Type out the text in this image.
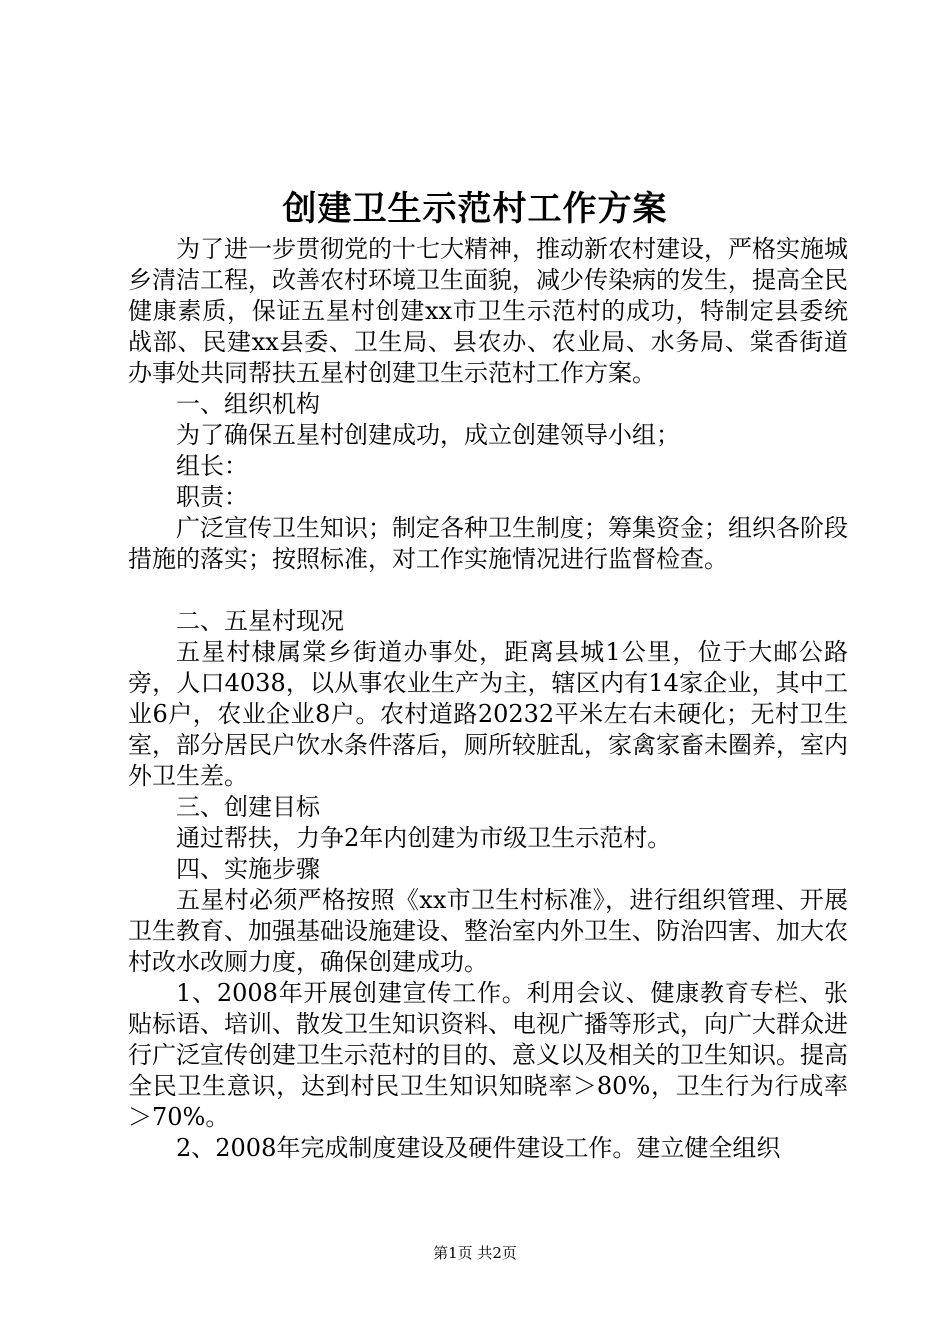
创建卫生示范村工作方案

为了进一步贯彻党的十七大精神，推动新农村建设，严格实施城乡清洁工程，改善农村环境卫生面貌，减少传染病的发生，提高全民健康素质，保证五星村创建xx市卫生示范村的成功，特制定县委统战部、民建xx县委、卫生局、县农办、农业局、水务局、棠香街道办事处共同帮扶五星村创建卫生示范村工作方案。

一、组织机构

为了确保五星村创建成功，成立创建领导小组；

组长：

职责：

广泛宣传卫生知识；制定各种卫生制度；筹集资金；组织各阶段措施的落实；按照标准，对工作实施情况进行监督检查。

二、五星村现况

五星村棣属棠乡街道办事处，距离县城1公里，位于大邮公路旁，人口4038，以从事农业生产为主，辖区内有14家企业，其中工业6户，农业企业8户。农村道路20232平米左右未硬化；无村卫生室，部分居民户饮水条件落后，厕所较脏乱，家禽家畜未圈养，室内外卫生差。

三、创建目标

通过帮扶，力争2年内创建为市级卫生示范村。

四、实施步骤

五星村必须严格按照《xx市卫生村标准》，进行组织管理、开展卫生教育、加强基础设施建设、整治室内外卫生、防治四害、加大农村改水改厕力度，确保创建成功。

1、2008年开展创建宣传工作。利用会议、健康教育专栏、张贴标语、培训、散发卫生知识资料、电视广播等形式，向广大群众进行广泛宣传创建卫生示范村的目的、意义以及相关的卫生知识。提高全民卫生意识，达到村民卫生知识知晓率＞80%，卫生行为行成率＞70%。

2、2008年完成制度建设及硬件建设工作。建立健全组织

第1页 共2页
